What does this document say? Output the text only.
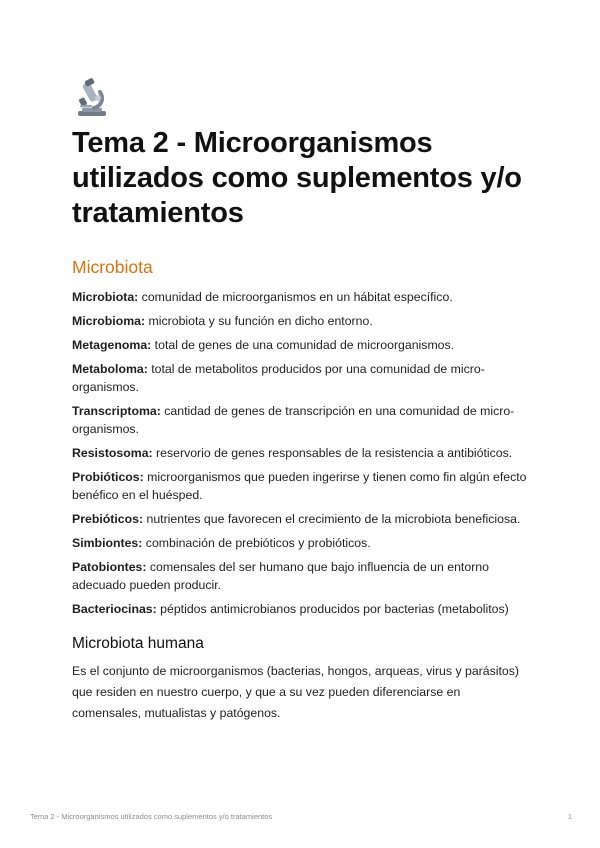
Tema 2 - Microorganismos utilizados como suplementos y/o tratamientos
Microbiota

Microbiota: comunidad de microorganismos en un hábitat específico.

Microbioma: microbiota y su función en dicho entorno.

Metagenoma: total de genes de una comunidad de microorganismos.

Metaboloma: total de metabolitos producidos por una comunidad de micro-organismos.

Transcriptoma: cantidad de genes de transcripción en una comunidad de micro- organismos.

Resistosoma: reservorio de genes responsables de la resistencia a antibióticos.

Probióticos: microorganismos que pueden ingerirse y tienen como fin algún efecto benéfico en el huésped.

Prebióticos: nutrientes que favorecen el crecimiento de la microbiota beneficiosa.

Simbiontes: combinación de prebióticos y probióticos.

Patobiontes: comensales del ser humano que bajo influencia de un entorno adecuado pueden producir.

Bacteriocinas: péptidos antimicrobianos producidos por bacterias (metabolitos)

Microbiota humana

Es el conjunto de microorganismos (bacterias, hongos, arqueas, virus y parásitos) que residen en nuestro cuerpo, y que a su vez pueden diferenciarse en comensales, mutualistas y patógenos.

Tema 2 - Microorganismos utilizados como suplementos y/o tratamientos	1
